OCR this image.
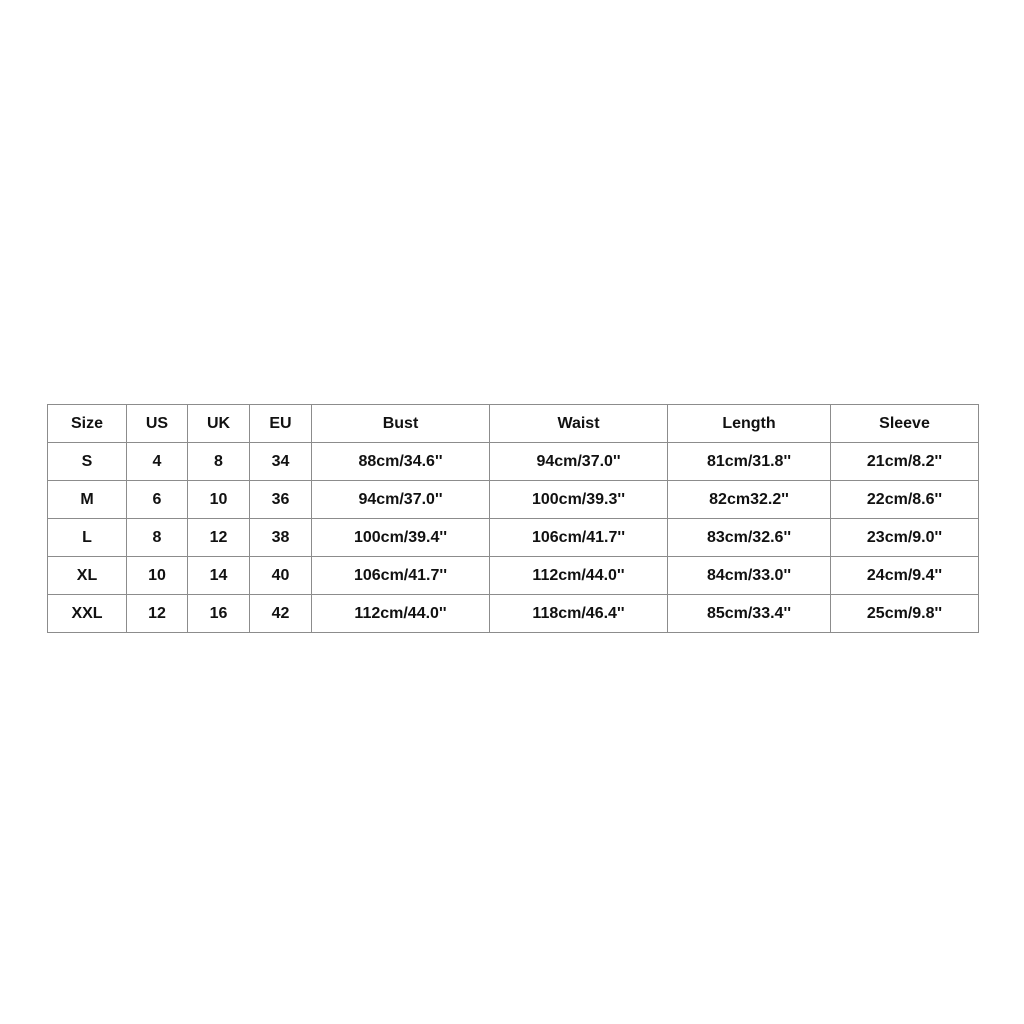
Size	US	UK	EU	Bust	Waist	Length	Sleeve
S	4	8	34	88cm/34.6''	94cm/37.0''	81cm/31.8''	21cm/8.2''
M	6	10	36	94cm/37.0''	100cm/39.3''	82cm32.2''	22cm/8.6''
L	8	12	38	100cm/39.4''	106cm/41.7''	83cm/32.6''	23cm/9.0''
XL	10	14	40	106cm/41.7''	112cm/44.0''	84cm/33.0''	24cm/9.4''
XXL	12	16	42	112cm/44.0''	118cm/46.4''	85cm/33.4''	25cm/9.8''
